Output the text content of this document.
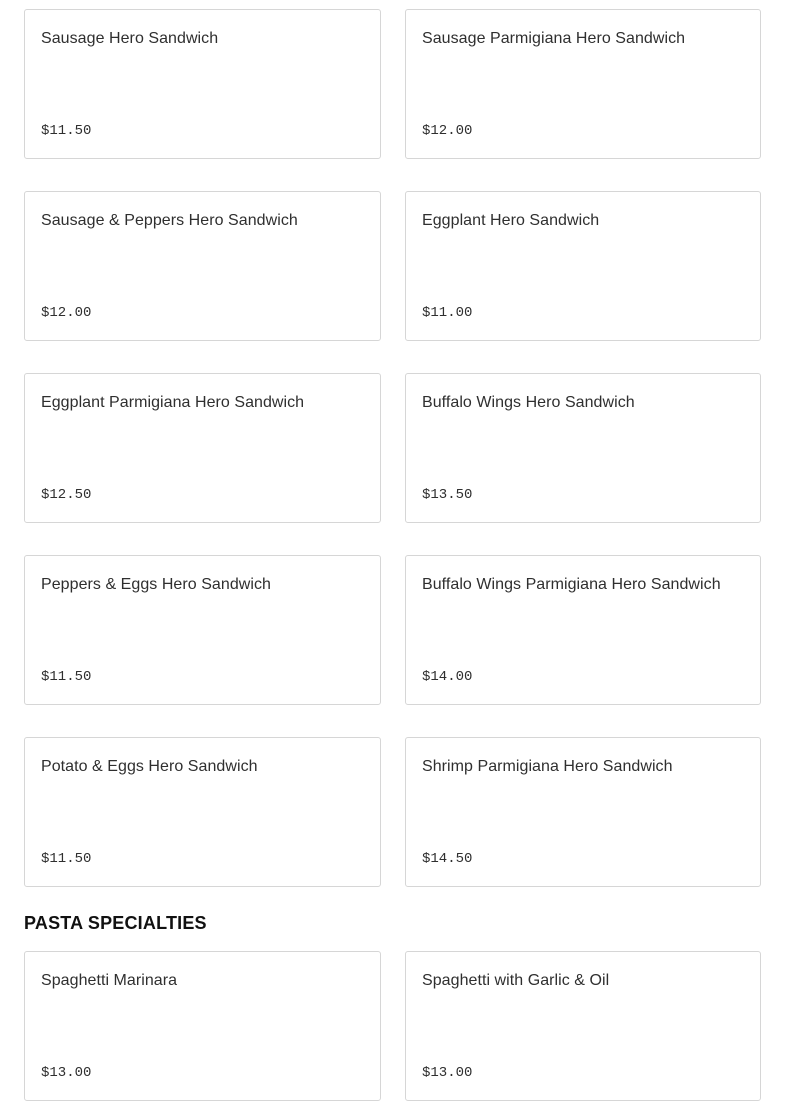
Sausage Hero Sandwich
$11.50
Sausage Parmigiana Hero Sandwich
$12.00
Sausage & Peppers Hero Sandwich
$12.00
Eggplant Hero Sandwich
$11.00
Eggplant Parmigiana Hero Sandwich
$12.50
Buffalo Wings Hero Sandwich
$13.50
Peppers & Eggs Hero Sandwich
$11.50
Buffalo Wings Parmigiana Hero Sandwich
$14.00
Potato & Eggs Hero Sandwich
$11.50
Shrimp Parmigiana Hero Sandwich
$14.50
PASTA SPECIALTIES
Spaghetti Marinara
$13.00
Spaghetti with Garlic & Oil
$13.00
